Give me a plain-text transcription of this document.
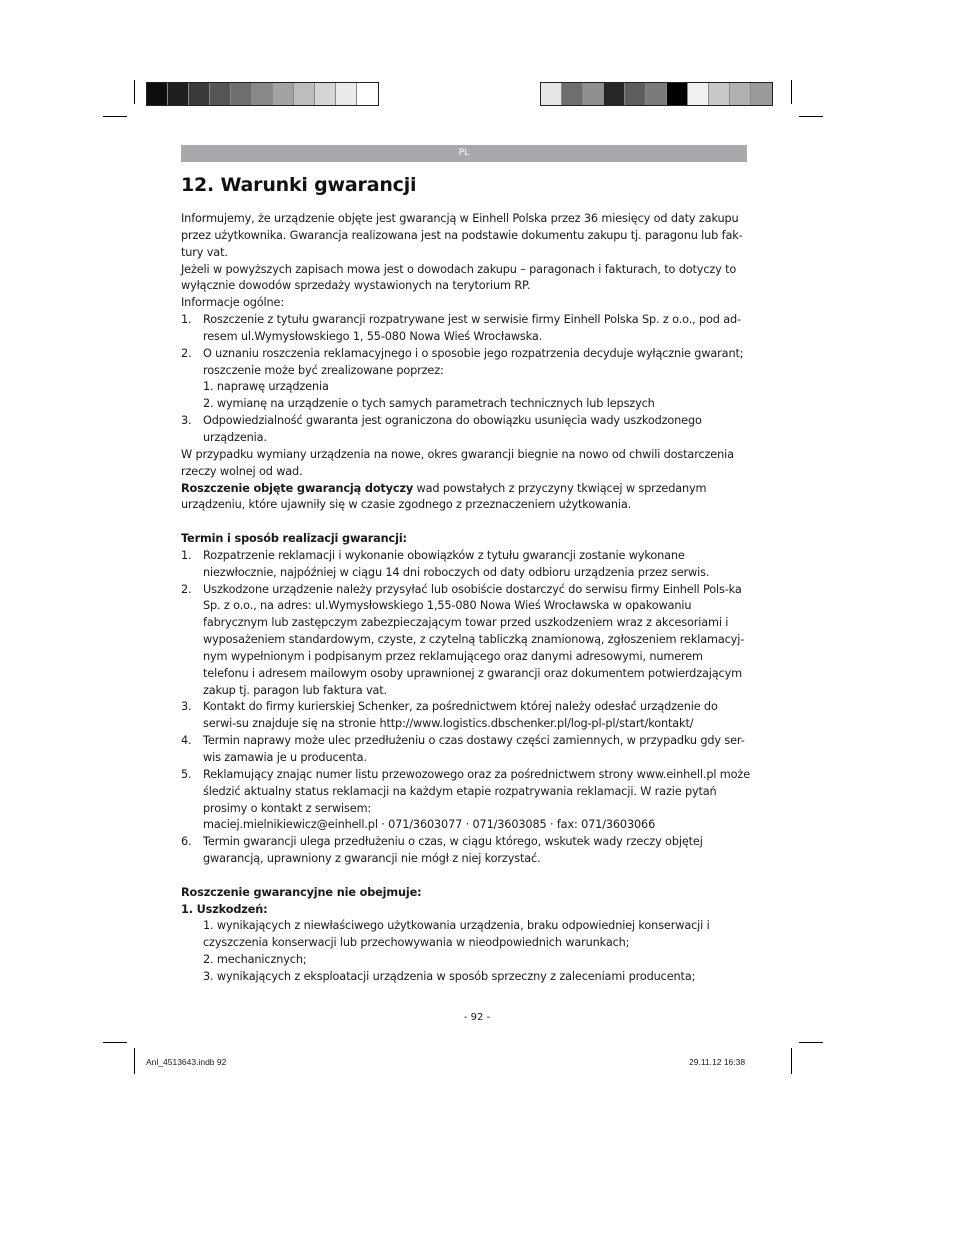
PL
12. Warunki gwarancji

Informujemy, że urządzenie objęte jest gwarancją w Einhell Polska przez 36 miesięcy od daty zakupu przez użytkownika. Gwarancja realizowana jest na podstawie dokumentu zakupu tj. paragonu lub fak-tury vat.

Jeżeli w powyższych zapisach mowa jest o dowodach zakupu – paragonach i fakturach, to dotyczy to wyłącznie dowodów sprzedaży wystawionych na terytorium RP.

Informacje ogólne:

1.	Roszczenie z tytułu gwarancji rozpatrywane jest w serwisie firmy Einhell Polska Sp. z o.o., pod ad-resem ul.Wymysłowskiego 1, 55-080 Nowa Wieś Wrocławska.
2.	O uznaniu roszczenia reklamacyjnego i o sposobie jego rozpatrzenia decyduje wyłącznie gwarant; roszczenie może być zrealizowane poprzez:

1. naprawę urządzenia

2. wymianę na urządzenie o tych samych parametrach technicznych lub lepszych

3.	Odpowiedzialność gwaranta jest ograniczona do obowiązku usunięcia wady uszkodzonego urządzenia.

W przypadku wymiany urządzenia na nowe, okres gwarancji biegnie na nowo od chwili dostarczenia rzeczy wolnej od wad.

Roszczenie objęte gwarancją dotyczy wad powstałych z przyczyny tkwiącej w sprzedanym urządzeniu, które ujawniły się w czasie zgodnego z przeznaczeniem użytkowania.

Termin i sposób realizacji gwarancji:

1.	Rozpatrzenie reklamacji i wykonanie obowiązków z tytułu gwarancji zostanie wykonane niezwłocznie, najpóźniej w ciągu 14 dni roboczych od daty odbioru urządzenia przez serwis.
2.	Uszkodzone urządzenie należy przysyłać lub osobiście dostarczyć do serwisu firmy Einhell Pols-ka Sp. z o.o., na adres: ul.Wymysłowskiego 1,55-080 Nowa Wieś Wrocławska w opakowaniu fabrycznym lub zastępczym zabezpieczającym towar przed uszkodzeniem wraz z akcesoriami i wyposażeniem standardowym, czyste, z czytelną tabliczką znamionową, zgłoszeniem reklamacyj-nym wypełnionym i podpisanym przez reklamującego oraz danymi adresowymi, numerem telefonu i adresem mailowym osoby uprawnionej z gwarancji oraz dokumentem potwierdzającym zakup tj. paragon lub faktura vat.
3.	Kontakt do firmy kurierskiej Schenker, za pośrednictwem której należy odesłać urządzenie do serwi-su znajduje się na stronie http://www.logistics.dbschenker.pl/log-pl-pl/start/kontakt/
4.	Termin naprawy może ulec przedłużeniu o czas dostawy części zamiennych, w przypadku gdy ser-wis zamawia je u producenta.
5.	Reklamujący znając numer listu przewozowego oraz za pośrednictwem strony www.einhell.pl może śledzić aktualny status reklamacji na każdym etapie rozpatrywania reklamacji. W razie pytań prosimy o kontakt z serwisem:
maciej.mielnikiewicz@einhell.pl · 071/3603077 · 071/3603085 · fax: 071/3603066
6.	Termin gwarancji ulega przedłużeniu o czas, w ciągu którego, wskutek wady rzeczy objętej gwarancją, uprawniony z gwarancji nie mógł z niej korzystać.

Roszczenie gwarancyjne nie obejmuje:

1. Uszkodzeń:

1. wynikających z niewłaściwego użytkowania urządzenia, braku odpowiedniej konserwacji i czyszczenia konserwacji lub przechowywania w nieodpowiednich warunkach;

2. mechanicznych;

3. wynikających z eksploatacji urządzenia w sposób sprzeczny z zaleceniami producenta;

- 92 -
Anl_4513643.indb 92	29.11.12 16:38
